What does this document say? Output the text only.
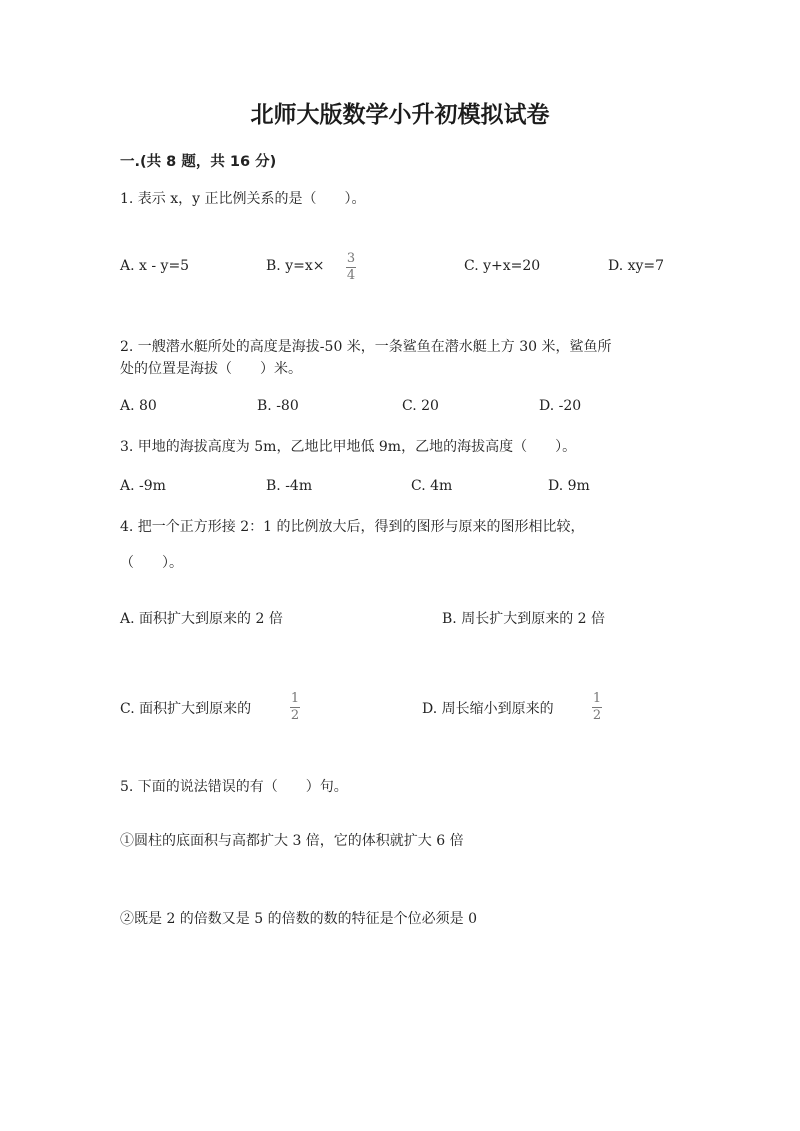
北师大版数学小升初模拟试卷
一.(共 8 题，共 16 分)
1. 表示 x，y 正比例关系的是（　　）。
A. x - y=5	B. y=x× 3
4
C. y+x=20	D. xy=7
2. 一艘潜水艇所处的高度是海拔-50 米，一条鲨鱼在潜水艇上方 30 米，鲨鱼所
处的位置是海拔（　　）米。
A. 80	B. -80	C. 20	D. -20
3. 甲地的海拔高度为 5m，乙地比甲地低 9m，乙地的海拔高度（　　）。
A. -9m	B. -4m	C. 4m	D. 9m
4. 把一个正方形接 2：1 的比例放大后，得到的图形与原来的图形相比较，
（　　）。
A. 面积扩大到原来的 2 倍	B. 周长扩大到原来的 2 倍
C. 面积扩大到原来的
1
2	D. 周长缩小到原来的
1
2
5. 下面的说法错误的有（　　）句。
①圆柱的底面积与高都扩大 3 倍，它的体积就扩大 6 倍
②既是 2 的倍数又是 5 的倍数的数的特征是个位必须是 0
